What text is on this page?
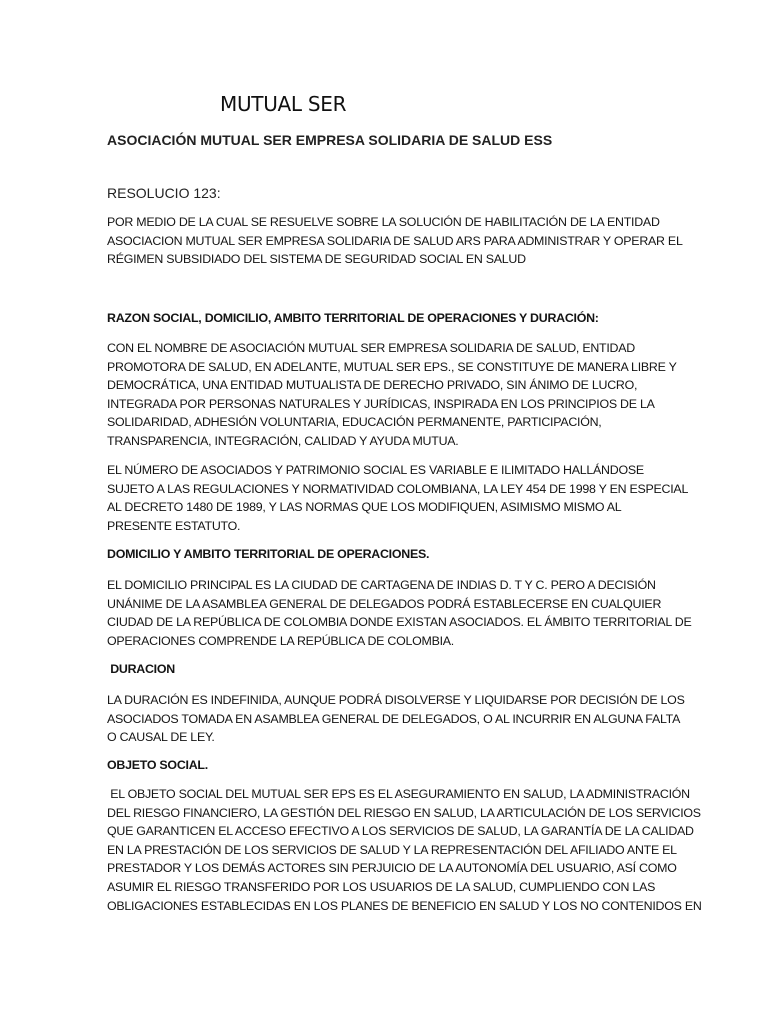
MUTUAL SER
ASOCIACIÓN MUTUAL SER EMPRESA SOLIDARIA DE SALUD ESS
RESOLUCIO 123:
POR MEDIO DE LA CUAL SE RESUELVE SOBRE LA SOLUCIÓN DE HABILITACIÓN DE LA ENTIDAD
ASOCIACION MUTUAL SER EMPRESA SOLIDARIA DE SALUD ARS PARA ADMINISTRAR Y OPERAR EL
RÉGIMEN SUBSIDIADO DEL SISTEMA DE SEGURIDAD SOCIAL EN SALUD
RAZON SOCIAL, DOMICILIO, AMBITO TERRITORIAL DE OPERACIONES Y DURACIÓN:
CON EL NOMBRE DE ASOCIACIÓN MUTUAL SER EMPRESA SOLIDARIA DE SALUD, ENTIDAD
PROMOTORA DE SALUD, EN ADELANTE, MUTUAL SER EPS., SE CONSTITUYE DE MANERA LIBRE Y
DEMOCRÁTICA, UNA ENTIDAD MUTUALISTA DE DERECHO PRIVADO, SIN ÁNIMO DE LUCRO,
INTEGRADA POR PERSONAS NATURALES Y JURÍDICAS, INSPIRADA EN LOS PRINCIPIOS DE LA
SOLIDARIDAD, ADHESIÓN VOLUNTARIA, EDUCACIÓN PERMANENTE, PARTICIPACIÓN,
TRANSPARENCIA, INTEGRACIÓN, CALIDAD Y AYUDA MUTUA.
EL NÚMERO DE ASOCIADOS Y PATRIMONIO SOCIAL ES VARIABLE E ILIMITADO HALLÁNDOSE
SUJETO A LAS REGULACIONES Y NORMATIVIDAD COLOMBIANA, LA LEY 454 DE 1998 Y EN ESPECIAL
AL DECRETO 1480 DE 1989, Y LAS NORMAS QUE LOS MODIFIQUEN, ASIMISMO MISMO AL
PRESENTE ESTATUTO.
DOMICILIO Y AMBITO TERRITORIAL DE OPERACIONES.
EL DOMICILIO PRINCIPAL ES LA CIUDAD DE CARTAGENA DE INDIAS D. T Y C. PERO A DECISIÓN
UNÁNIME DE LA ASAMBLEA GENERAL DE DELEGADOS PODRÁ ESTABLECERSE EN CUALQUIER
CIUDAD DE LA REPÚBLICA DE COLOMBIA DONDE EXISTAN ASOCIADOS. EL ÁMBITO TERRITORIAL DE
OPERACIONES COMPRENDE LA REPÚBLICA DE COLOMBIA.
DURACION
LA DURACIÓN ES INDEFINIDA, AUNQUE PODRÁ DISOLVERSE Y LIQUIDARSE POR DECISIÓN DE LOS
ASOCIADOS TOMADA EN ASAMBLEA GENERAL DE DELEGADOS, O AL INCURRIR EN ALGUNA FALTA
O CAUSAL DE LEY.
OBJETO SOCIAL.
EL OBJETO SOCIAL DEL MUTUAL SER EPS ES EL ASEGURAMIENTO EN SALUD, LA ADMINISTRACIÓN
DEL RIESGO FINANCIERO, LA GESTIÓN DEL RIESGO EN SALUD, LA ARTICULACIÓN DE LOS SERVICIOS
QUE GARANTICEN EL ACCESO EFECTIVO A LOS SERVICIOS DE SALUD, LA GARANTÍA DE LA CALIDAD
EN LA PRESTACIÓN DE LOS SERVICIOS DE SALUD Y LA REPRESENTACIÓN DEL AFILIADO ANTE EL
PRESTADOR Y LOS DEMÁS ACTORES SIN PERJUICIO DE LA AUTONOMÍA DEL USUARIO, ASÍ COMO
ASUMIR EL RIESGO TRANSFERIDO POR LOS USUARIOS DE LA SALUD, CUMPLIENDO CON LAS
OBLIGACIONES ESTABLECIDAS EN LOS PLANES DE BENEFICIO EN SALUD Y LOS NO CONTENIDOS EN
